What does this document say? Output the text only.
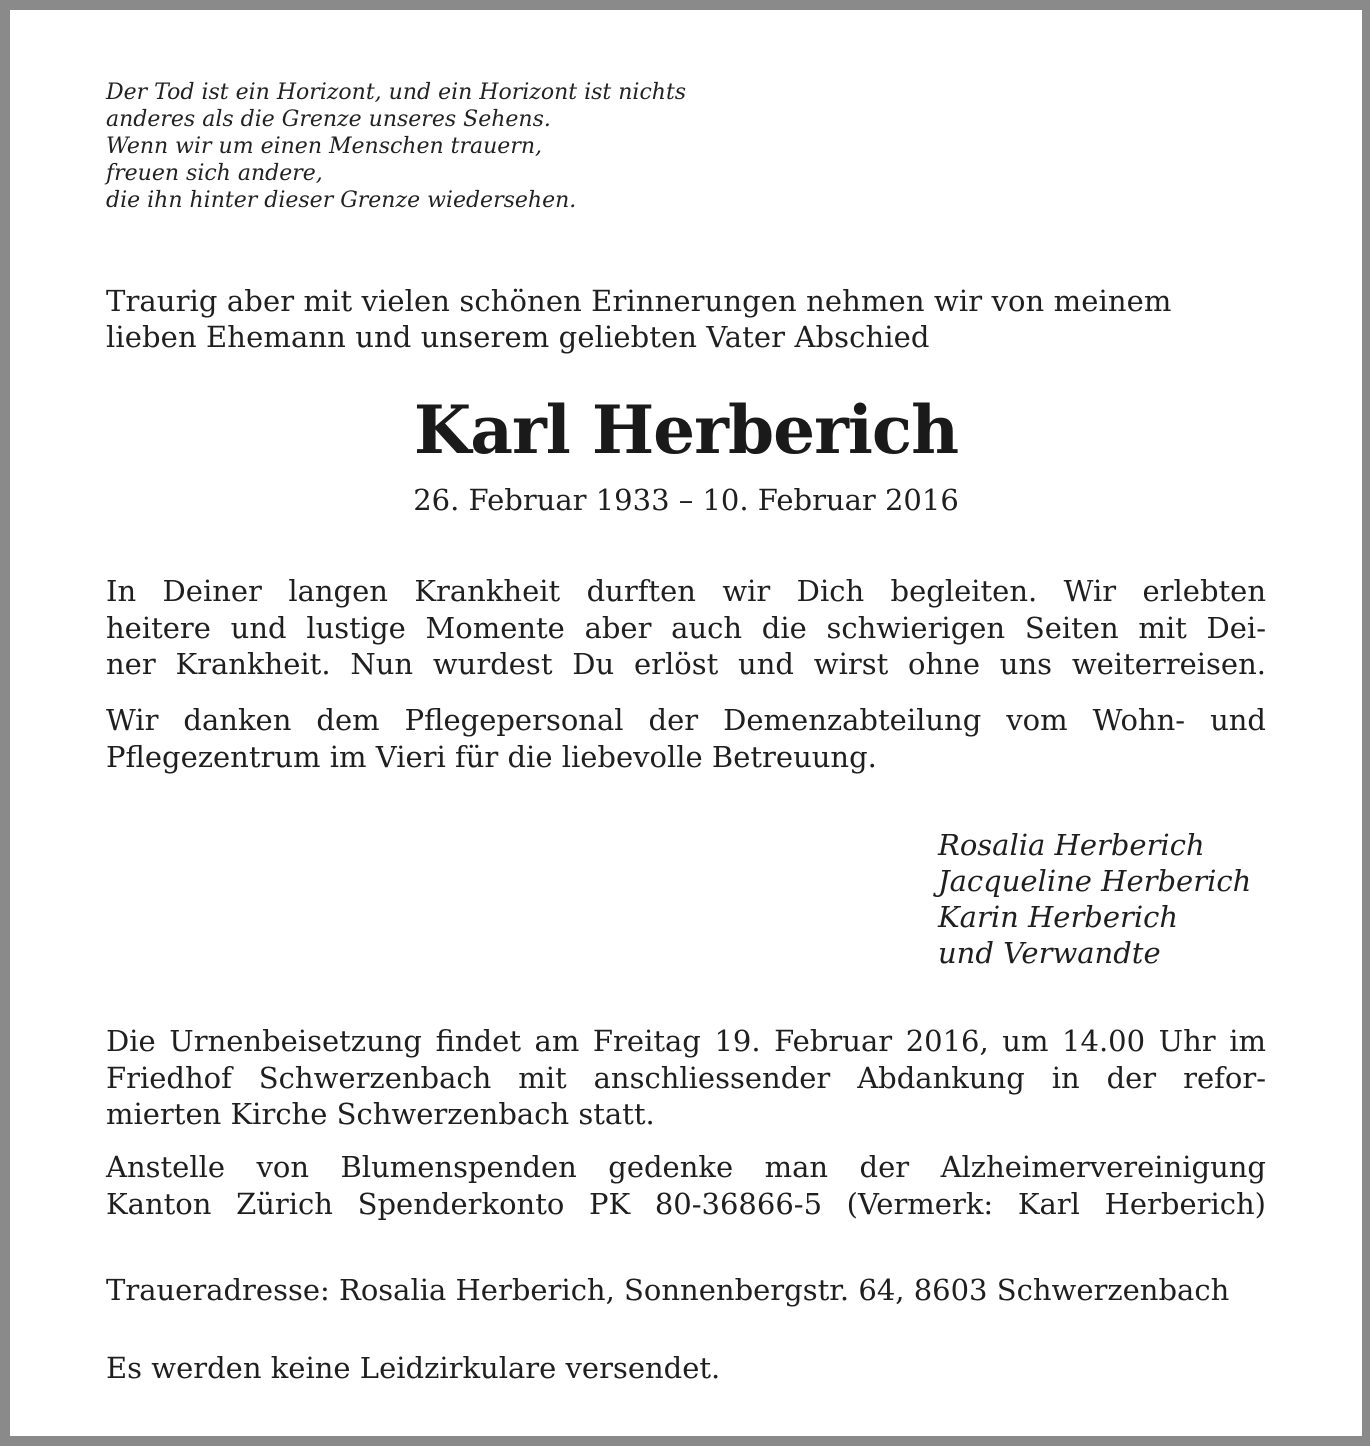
Der Tod ist ein Horizont, und ein Horizont ist nichts
anderes als die Grenze unseres Sehens.
Wenn wir um einen Menschen trauern,
freuen sich andere,
die ihn hinter dieser Grenze wiedersehen.
Traurig aber mit vielen schönen Erinnerungen nehmen wir von meinem
lieben Ehemann und unserem geliebten Vater Abschied
Karl Herberich
26. Februar 1933 – 10. Februar 2016
In Deiner langen Krankheit durften wir Dich begleiten. Wir erlebten
heitere und lustige Momente aber auch die schwierigen Seiten mit Dei-
ner Krankheit. Nun wurdest Du erlöst und wirst ohne uns weiterreisen.
Wir danken dem Pflegepersonal der Demenzabteilung vom Wohn- und
Pflegezentrum im Vieri für die liebevolle Betreuung.
Rosalia Herberich
Jacqueline Herberich
Karin Herberich
und Verwandte
Die Urnenbeisetzung findet am Freitag 19. Februar 2016, um 14.00 Uhr im
Friedhof Schwerzenbach mit anschliessender Abdankung in der refor-
mierten Kirche Schwerzenbach statt.
Anstelle von Blumenspenden gedenke man der Alzheimervereinigung
Kanton Zürich Spenderkonto PK 80-36866-5 (Vermerk: Karl Herberich)
Traueradresse: Rosalia Herberich, Sonnenbergstr. 64, 8603 Schwerzenbach
Es werden keine Leidzirkulare versendet.
